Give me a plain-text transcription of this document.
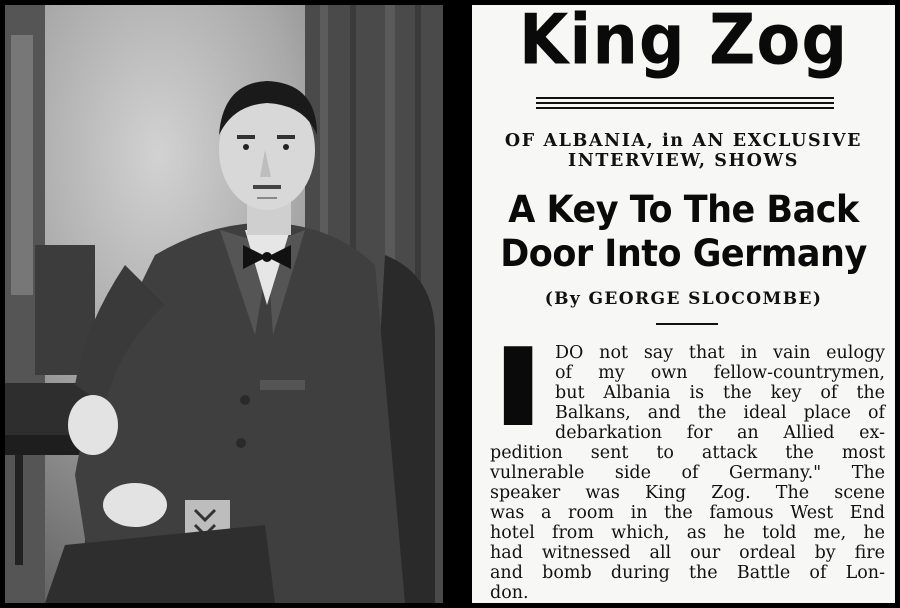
King Zog
OF ALBANIA, in AN EXCLUSIVE
INTERVIEW, SHOWS
A Key To The Back
Door Into Germany
(By GEORGE SLOCOMBE)
I DO not say that in vain eulogy
of my own fellow-countrymen,
but Albania is the key of the
Balkans, and the ideal place of
debarkation for an Allied ex-
pedition sent to attack the most
vulnerable side of Germany." The
speaker was King Zog. The scene
was a room in the famous West End
hotel from which, as he told me, he
had witnessed all our ordeal by fire
and bomb during the Battle of Lon-
don.
